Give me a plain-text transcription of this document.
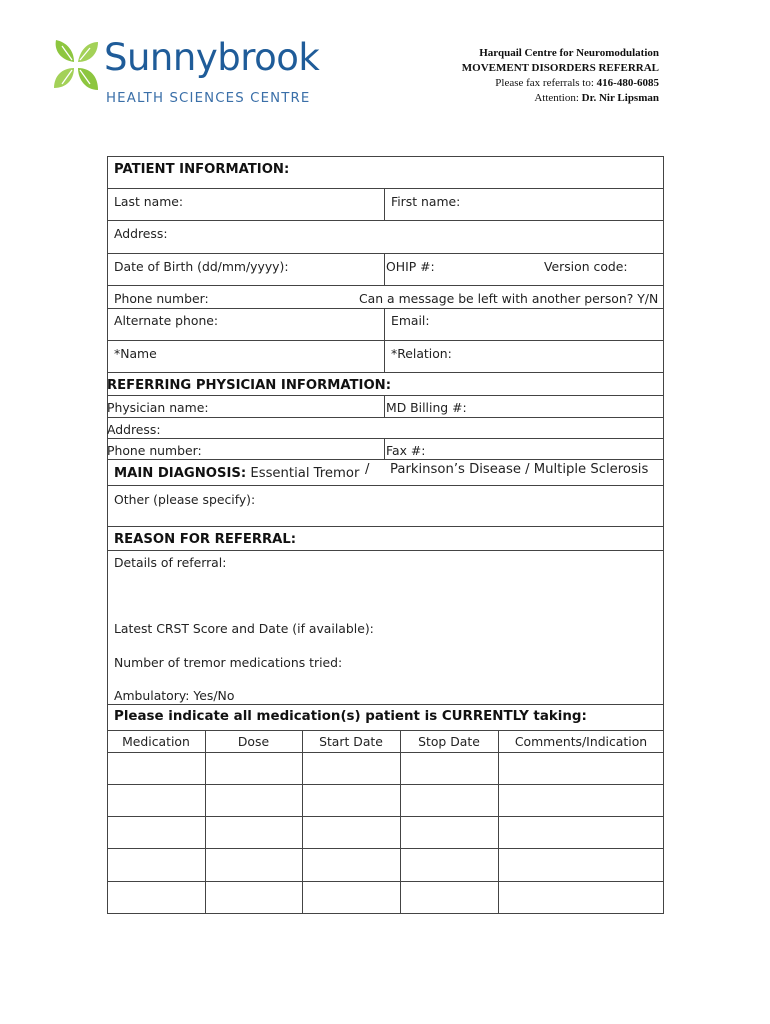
Sunnybrook
HEALTH SCIENCES CENTRE
Harquail Centre for Neuromodulation
MOVEMENT DISORDERS REFERRAL
Please fax referrals to: 416-480-6085
Attention: Dr. Nir Lipsman
PATIENT INFORMATION:
Last name:	First name:
Address:
Date of Birth (dd/mm/yyyy):	OHIP #:	Version code:
Phone number:	Can a message be left with another person? Y/N
Alternate phone:	Email:
*Name	*Relation:
REFERRING PHYSICIAN INFORMATION:
Physician name:	MD Billing #:
Address:
Phone number:	Fax #:
MAIN DIAGNOSIS: Essential Tremor / Parkinson’s Disease / Multiple Sclerosis
Other (please specify):
REASON FOR REFERRAL:
Details of referral:
Latest CRST Score and Date (if available):
Number of tremor medications tried:
Ambulatory: Yes/No
Please indicate all medication(s) patient is CURRENTLY taking:
Medication	Dose	Start Date	Stop Date	Comments/Indication
